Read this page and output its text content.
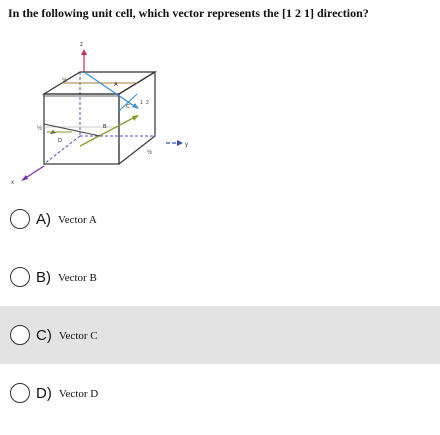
In the following unit cell, which vector represents the [1 2 1] direction?
z
y
x
A
B
C
D
½
½
1 2
½
A) Vector A
B) Vector B
C) Vector C
D) Vector D
